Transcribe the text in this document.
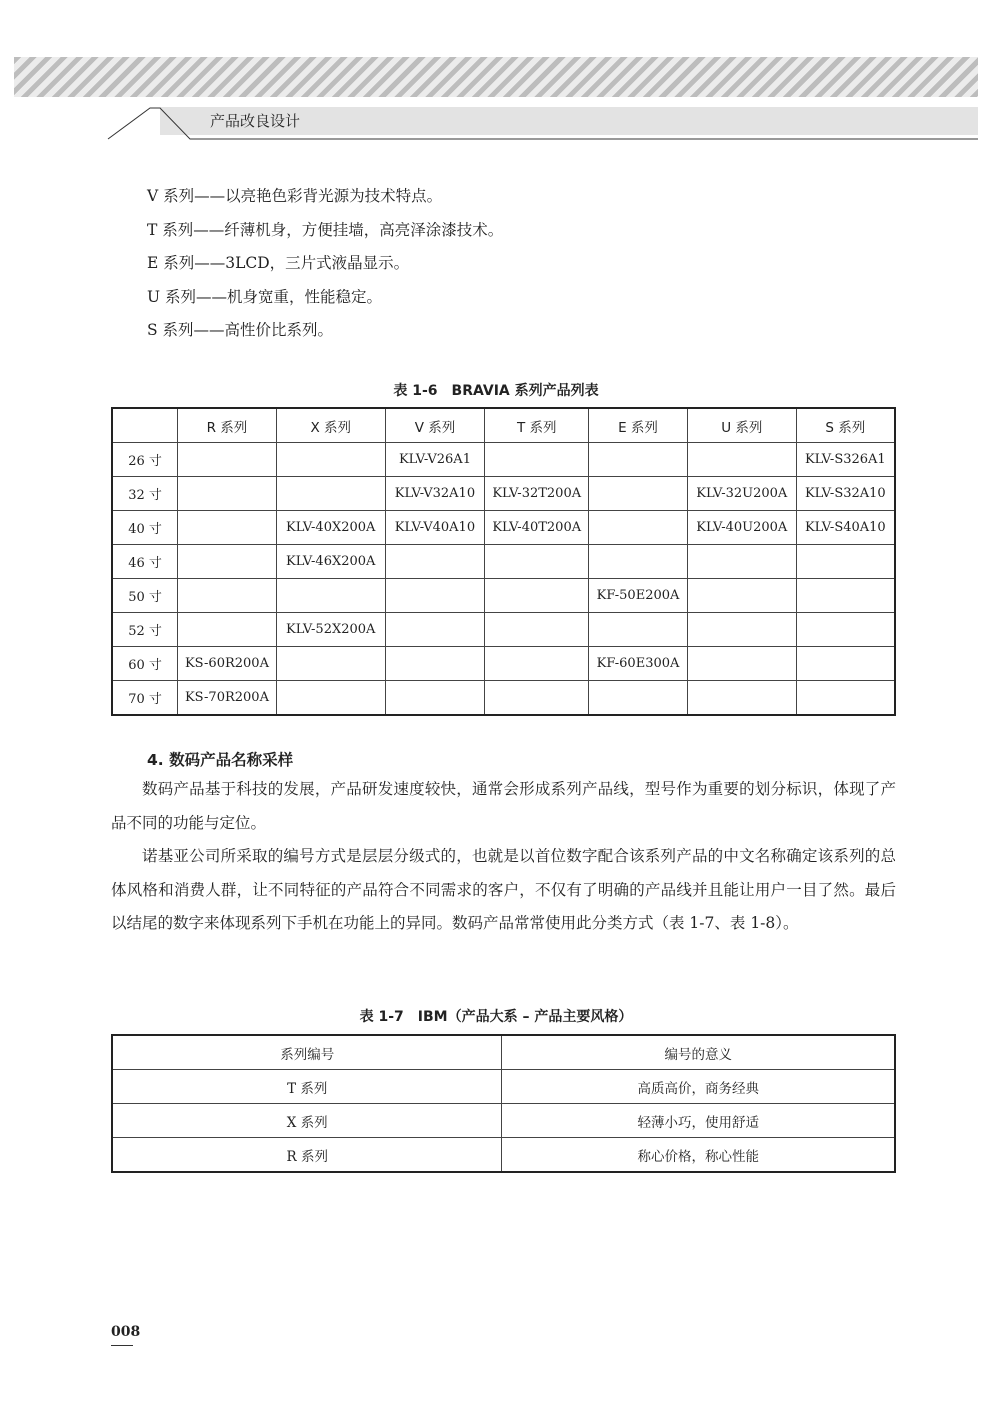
产品改良设计
V 系列——以亮艳色彩背光源为技术特点。
T 系列——纤薄机身，方便挂墙，高亮泽涂漆技术。
E 系列——3LCD，三片式液晶显示。
U 系列——机身宽重，性能稳定。
S 系列——高性价比系列。
表 1-6　BRAVIA 系列产品列表
	R 系列	X 系列	V 系列	T 系列	E 系列	U 系列	S 系列
26 寸			KLV-V26A1				KLV-S326A1
32 寸			KLV-V32A10	KLV-32T200A		KLV-32U200A	KLV-S32A10
40 寸		KLV-40X200A	KLV-V40A10	KLV-40T200A		KLV-40U200A	KLV-S40A10
46 寸		KLV-46X200A					
50 寸					KF-50E200A		
52 寸		KLV-52X200A					
60 寸	KS-60R200A				KF-60E300A		
70 寸	KS-70R200A						
4. 数码产品名称采样
数码产品基于科技的发展，产品研发速度较快，通常会形成系列产品线，型号作为重要的划分标识，体现了产品不同的功能与定位。
诺基亚公司所采取的编号方式是层层分级式的，也就是以首位数字配合该系列产品的中文名称确定该系列的总体风格和消费人群，让不同特征的产品符合不同需求的客户，不仅有了明确的产品线并且能让用户一目了然。最后以结尾的数字来体现系列下手机在功能上的异同。数码产品常常使用此分类方式（表 1-7、表 1-8）。
表 1-7　IBM（产品大系 – 产品主要风格）
系列编号	编号的意义
T 系列	高质高价，商务经典
X 系列	轻薄小巧，使用舒适
R 系列	称心价格，称心性能
008
